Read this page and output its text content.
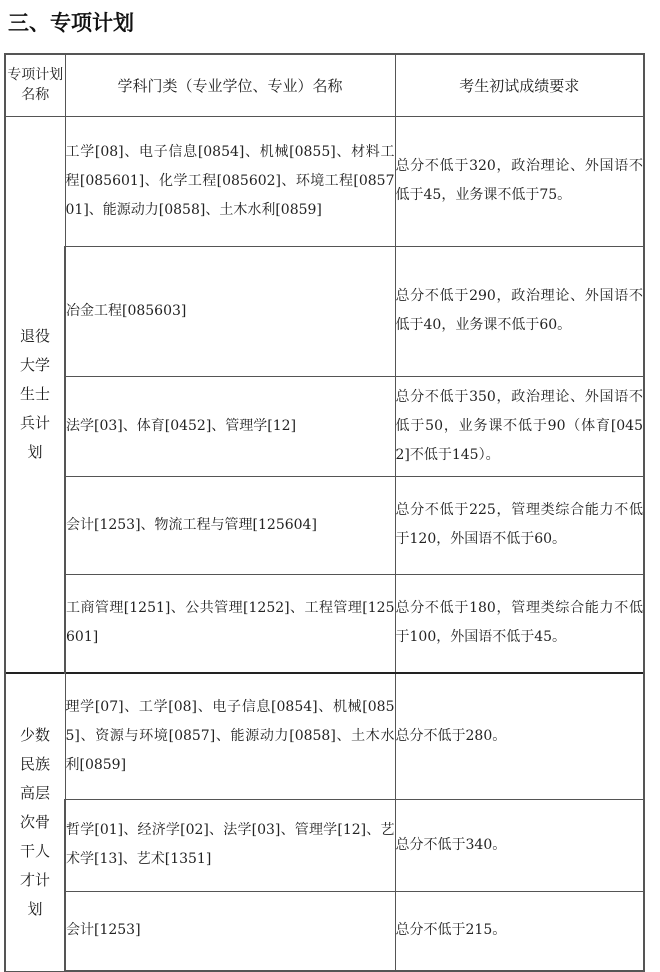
三、专项计划
专项计划名称	学科门类（专业学位、专业）名称	考生初试成绩要求

退役大学生士兵计划	工学[08]、电子信息[0854]、机械[0855]、材料工程[085601]、化学工程[085602]、环境工程[085701]、能源动力[0858]、土木水利[0859]	总分不低于320，政治理论、外国语不低于45，业务课不低于75。
	冶金工程[085603]	总分不低于290，政治理论、外国语不低于40，业务课不低于60。
	法学[03]、体育[0452]、管理学[12]	总分不低于350，政治理论、外国语不低于50，业务课不低于90（体育[0452]不低于145）。
	会计[1253]、物流工程与管理[125604]	总分不低于225，管理类综合能力不低于120，外国语不低于60。
	工商管理[1251]、公共管理[1252]、工程管理[125601]	总分不低于180，管理类综合能力不低于100，外国语不低于45。

少数民族高层次骨干人才计划	理学[07]、工学[08]、电子信息[0854]、机械[0855]、资源与环境[0857]、能源动力[0858]、土木水利[0859]	总分不低于280。
	哲学[01]、经济学[02]、法学[03]、管理学[12]、艺术学[13]、艺术[1351]	总分不低于340。
	会计[1253]	总分不低于215。
